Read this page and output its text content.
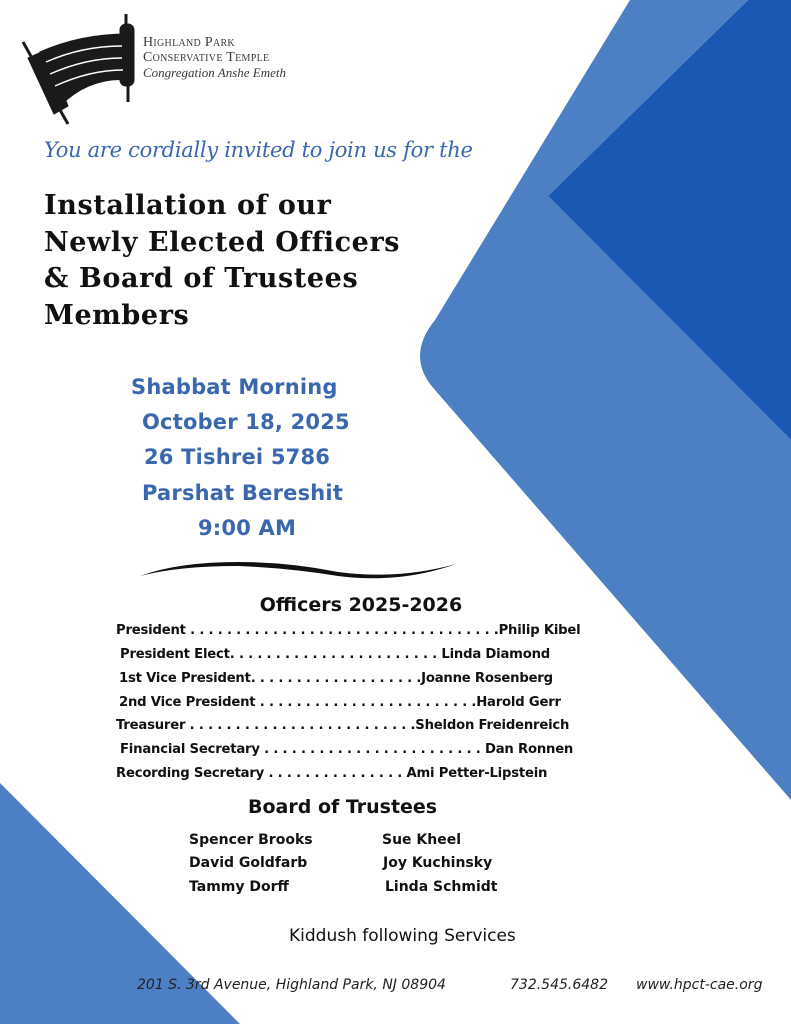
Highland Park
Conservative Temple
Congregation Anshe Emeth
You are cordially invited to join us for the
Installation of our
Newly Elected Officers
& Board of Trustees
Members
Shabbat Morning
October 18, 2025
26 Tishrei 5786
Parshat Bereshit
9:00 AM
Officers 2025-2026
President . . . . . . . . . . . . . . . . . . . . . . . . . . . . . . . . . .Philip Kibel
President Elect. . . . . . . . . . . . . . . . . . . . . . . Linda Diamond
1st Vice President. . . . . . . . . . . . . . . . . . .Joanne Rosenberg
2nd Vice President . . . . . . . . . . . . . . . . . . . . . . . .Harold Gerr
Treasurer . . . . . . . . . . . . . . . . . . . . . . . . .Sheldon Freidenreich
Financial Secretary . . . . . . . . . . . . . . . . . . . . . . . . Dan Ronnen
Recording Secretary . . . . . . . . . . . . . . . Ami Petter-Lipstein
Board of Trustees
Spencer Brooks
David Goldfarb
Tammy Dorff
Sue Kheel
Joy Kuchinsky
Linda Schmidt
Kiddush following Services
201 S. 3rd Avenue, Highland Park, NJ 08904	732.545.6482 www.hpct-cae.org
